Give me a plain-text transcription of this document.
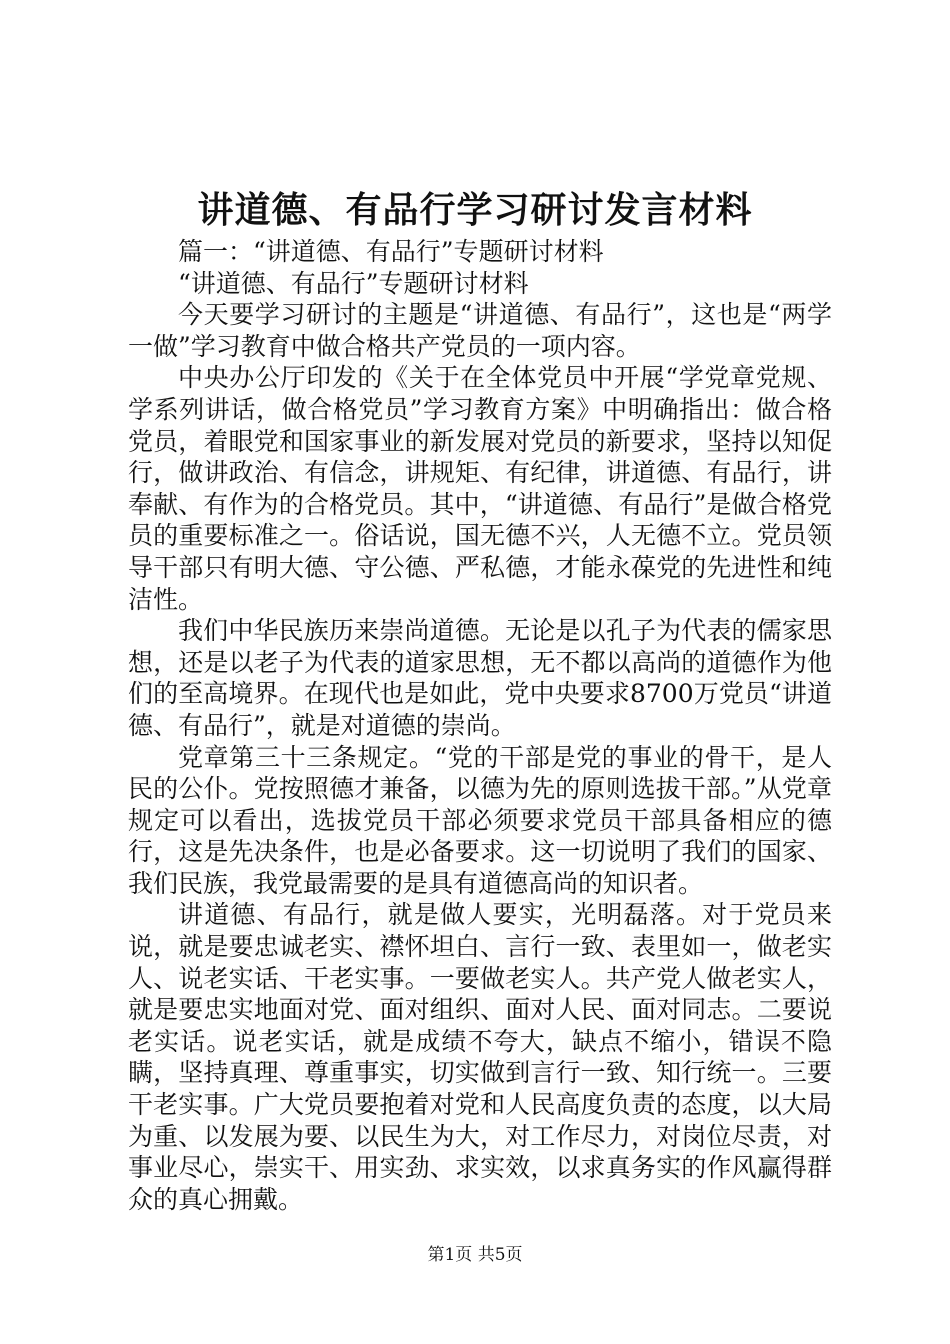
讲道德、有品行学习研讨发言材料

篇一：“讲道德、有品行”专题研讨材料

“讲道德、有品行”专题研讨材料

今天要学习研讨的主题是“讲道德、有品行”，这也是“两学一做”学习教育中做合格共产党员的一项内容。

中央办公厅印发的《关于在全体党员中开展“学党章党规、学系列讲话，做合格党员”学习教育方案》中明确指出：做合格党员，着眼党和国家事业的新发展对党员的新要求，坚持以知促行，做讲政治、有信念，讲规矩、有纪律，讲道德、有品行，讲奉献、有作为的合格党员。其中，“讲道德、有品行”是做合格党员的重要标准之一。俗话说，国无德不兴，人无德不立。党员领导干部只有明大德、守公德、严私德，才能永葆党的先进性和纯洁性。

我们中华民族历来崇尚道德。无论是以孔子为代表的儒家思想，还是以老子为代表的道家思想，无不都以高尚的道德作为他们的至高境界。在现代也是如此，党中央要求8700万党员“讲道德、有品行”，就是对道德的崇尚。

党章第三十三条规定。“党的干部是党的事业的骨干，是人民的公仆。党按照德才兼备，以德为先的原则选拔干部。”从党章规定可以看出，选拔党员干部必须要求党员干部具备相应的德行，这是先决条件，也是必备要求。这一切说明了我们的国家、我们民族，我党最需要的是具有道德高尚的知识者。

讲道德、有品行，就是做人要实，光明磊落。对于党员来说，就是要忠诚老实、襟怀坦白、言行一致、表里如一，做老实人、说老实话、干老实事。一要做老实人。共产党人做老实人，就是要忠实地面对党、面对组织、面对人民、面对同志。二要说老实话。说老实话，就是成绩不夸大，缺点不缩小，错误不隐瞒，坚持真理、尊重事实，切实做到言行一致、知行统一。三要干老实事。广大党员要抱着对党和人民高度负责的态度，以大局为重、以发展为要、以民生为大，对工作尽力，对岗位尽责，对事业尽心，崇实干、用实劲、求实效，以求真务实的作风赢得群众的真心拥戴。

第1页 共5页
